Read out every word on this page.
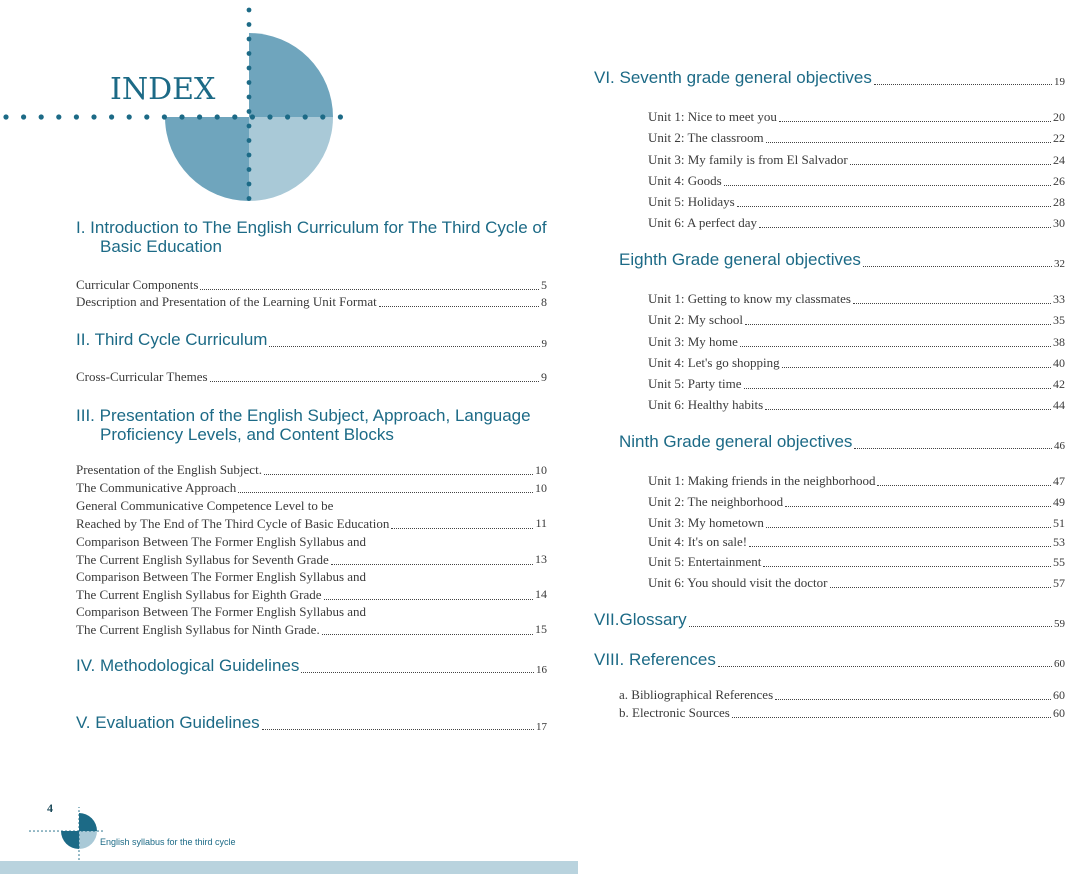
INDEX
I. Introduction to The English Curriculum for The Third Cycle of
Basic Education
Curricular Components	5
Description and Presentation of the Learning Unit Format	8
II. Third Cycle Curriculum	9
Cross-Curricular Themes	9
III. Presentation of the English Subject, Approach, Language
Proficiency Levels, and Content Blocks
Presentation of the English Subject.	10
The Communicative Approach	10
General Communicative Competence Level to be
Reached by The End of The Third Cycle of Basic Education	11
Comparison Between The Former English Syllabus and
The Current English Syllabus for Seventh Grade	13
Comparison Between The Former English Syllabus and
The Current English Syllabus for Eighth Grade	14
Comparison Between The Former English Syllabus and
The Current English Syllabus for Ninth Grade.	15
IV. Methodological Guidelines	16
V. Evaluation Guidelines	17
VI. Seventh grade general objectives	19
Eighth Grade general objectives	32
Ninth Grade general objectives	46
VII.Glossary	59
VIII. References	60
a. Bibliographical References	60
b. Electronic Sources	60
Unit 1: Nice to meet you	20
Unit 2: The classroom	22
Unit 3: My family is from El Salvador	24
Unit 4: Goods	26
Unit 5: Holidays	28
Unit 6: A perfect day	30
Unit 1: Getting to know my classmates	33
Unit 2: My school	35
Unit 3: My home	38
Unit 4: Let's go shopping	40
Unit 5: Party time	42
Unit 6: Healthy habits	44
Unit 1: Making friends in the neighborhood	47
Unit 2: The neighborhood	49
Unit 3: My hometown	51
Unit 4: It's on sale!	53
Unit 5: Entertainment	55
Unit 6: You should visit the doctor	57
4
English syllabus for the third cycle
